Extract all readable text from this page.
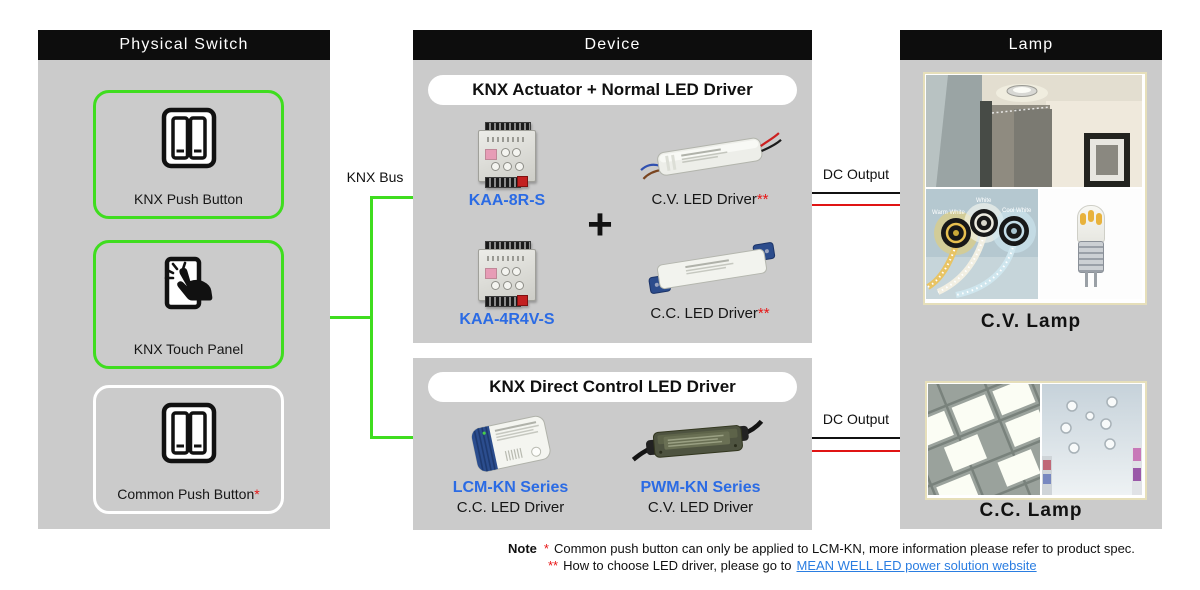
Physical Switch
KNX Push Button
KNX Touch Panel
Common Push Button*
KNX Bus
Device
KNX Actuator + Normal LED Driver
KAA-8R-S
KAA-4R4V-S
+
C.V. LED Driver**
C.C. LED Driver**
KNX Direct Control LED Driver
LCM-KN Series
C.C. LED Driver
PWM-KN Series
C.V. LED Driver
DC Output
DC Output
Lamp
Warm White
White
Cool White
C.V. Lamp
C.C. Lamp
Note * Common push button can only be applied to LCM-KN, more information please refer to product spec.
** How to choose LED driver, please go to MEAN WELL LED power solution website
